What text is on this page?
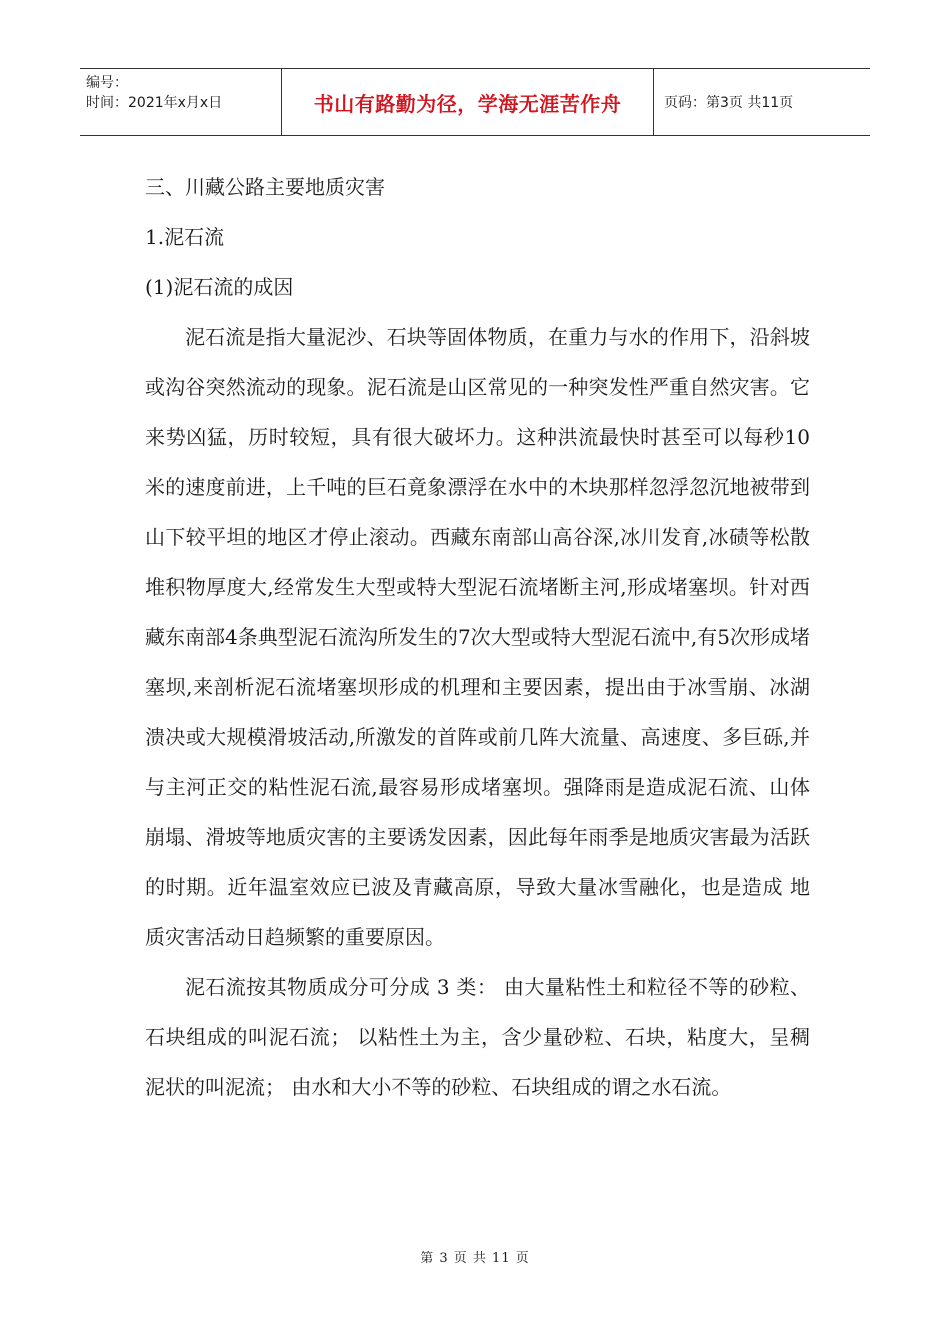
编号：
时间：2021年x月x日	书山有路勤为径，学海无涯苦作舟	页码：第3页 共11页

三、川藏公路主要地质灾害

1.泥石流

(1)泥石流的成因

泥石流是指大量泥沙、石块等固体物质，在重力与水的作用下，沿斜坡或沟谷突然流动的现象。泥石流是山区常见的一种突发性严重自然灾害。它来势凶猛，历时较短，具有很大破坏力。这种洪流最快时甚至可以每秒10米的速度前进，上千吨的巨石竟象漂浮在水中的木块那样忽浮忽沉地被带到山下较平坦的地区才停止滚动。西藏东南部山高谷深,冰川发育,冰碛等松散堆积物厚度大,经常发生大型或特大型泥石流堵断主河,形成堵塞坝。针对西藏东南部4条典型泥石流沟所发生的7次大型或特大型泥石流中,有5次形成堵塞坝,来剖析泥石流堵塞坝形成的机理和主要因素，提出由于冰雪崩、冰湖溃决或大规模滑坡活动,所激发的首阵或前几阵大流量、高速度、多巨砾,并与主河正交的粘性泥石流,最容易形成堵塞坝。强降雨是造成泥石流、山体崩塌、滑坡等地质灾害的主要诱发因素，因此每年雨季是地质灾害最为活跃的时期。近年温室效应已波及青藏高原，导致大量冰雪融化，也是造成 地质灾害活动日趋频繁的重要原因。

泥石流按其物质成分可分成 3 类： 由大量粘性土和粒径不等的砂粒、石块组成的叫泥石流； 以粘性土为主，含少量砂粒、石块，粘度大，呈稠泥状的叫泥流； 由水和大小不等的砂粒、石块组成的谓之水石流。

第 3 页 共 11 页
